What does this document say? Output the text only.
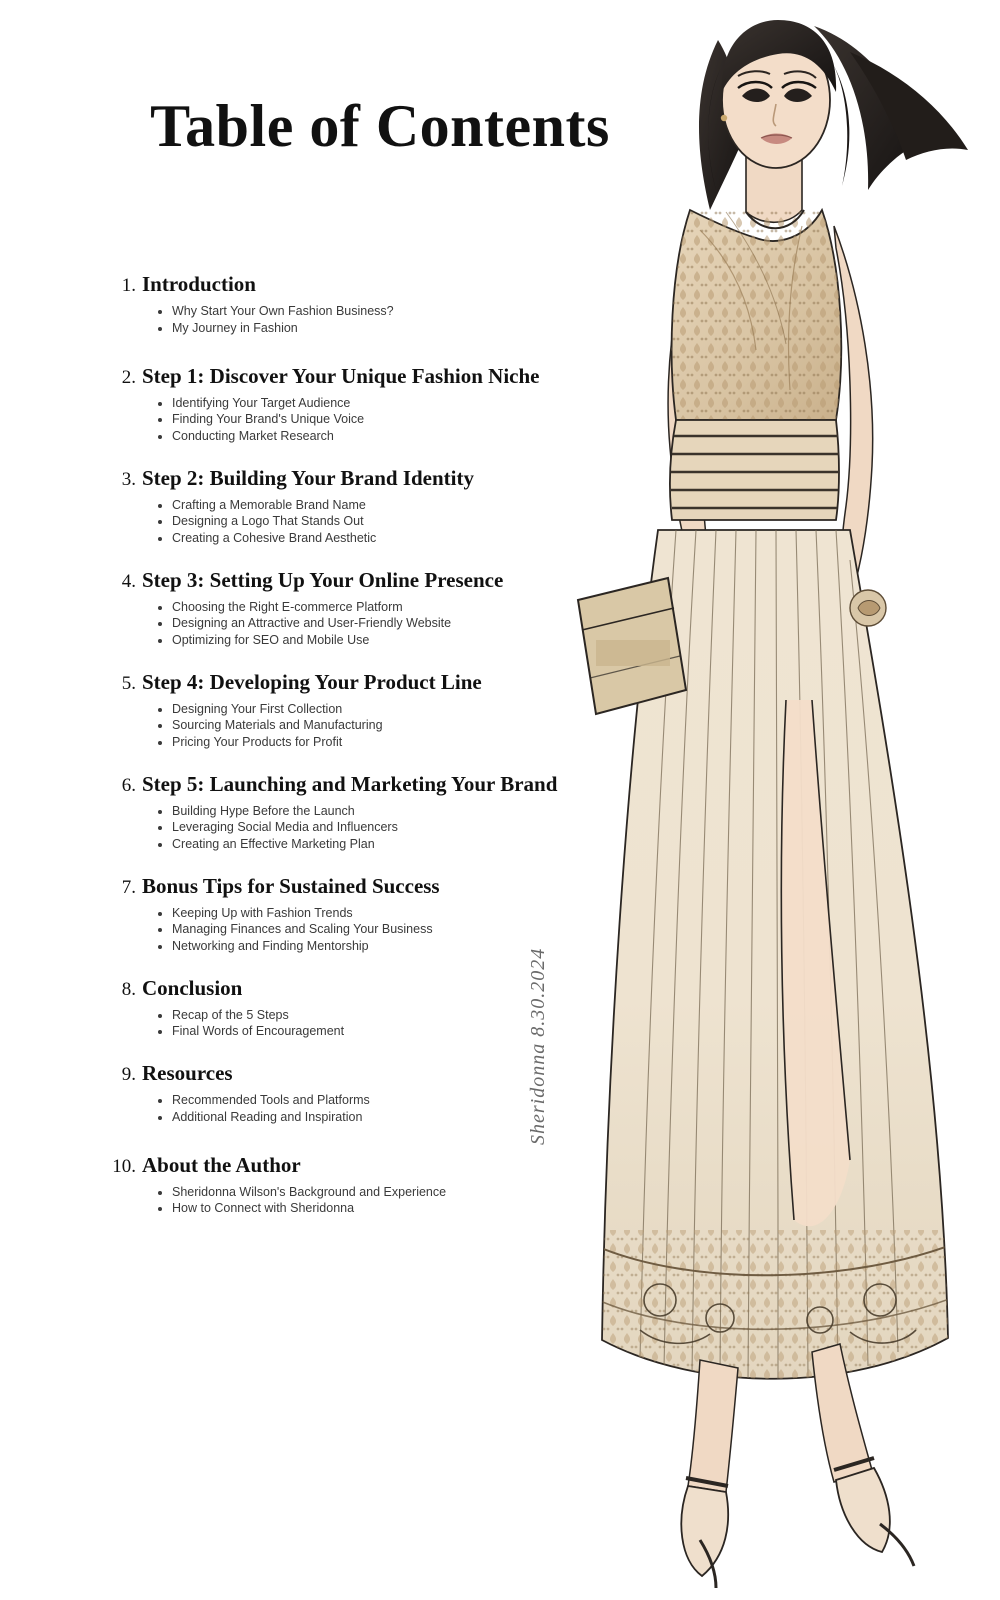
Sheridonna 8.30.2024
Table of Contents
1. Introduction
• Why Start Your Own Fashion Business?
• My Journey in Fashion
2. Step 1: Discover Your Unique Fashion Niche
• Identifying Your Target Audience
• Finding Your Brand's Unique Voice
• Conducting Market Research
3. Step 2: Building Your Brand Identity
• Crafting a Memorable Brand Name
• Designing a Logo That Stands Out
• Creating a Cohesive Brand Aesthetic
4. Step 3: Setting Up Your Online Presence
• Choosing the Right E-commerce Platform
• Designing an Attractive and User-Friendly Website
• Optimizing for SEO and Mobile Use
5. Step 4: Developing Your Product Line
• Designing Your First Collection
• Sourcing Materials and Manufacturing
• Pricing Your Products for Profit
6. Step 5: Launching and Marketing Your Brand
• Building Hype Before the Launch
• Leveraging Social Media and Influencers
• Creating an Effective Marketing Plan
7. Bonus Tips for Sustained Success
• Keeping Up with Fashion Trends
• Managing Finances and Scaling Your Business
• Networking and Finding Mentorship
8. Conclusion
• Recap of the 5 Steps
• Final Words of Encouragement
9. Resources
• Recommended Tools and Platforms
• Additional Reading and Inspiration
10. About the Author
• Sheridonna Wilson's Background and Experience
• How to Connect with Sheridonna
